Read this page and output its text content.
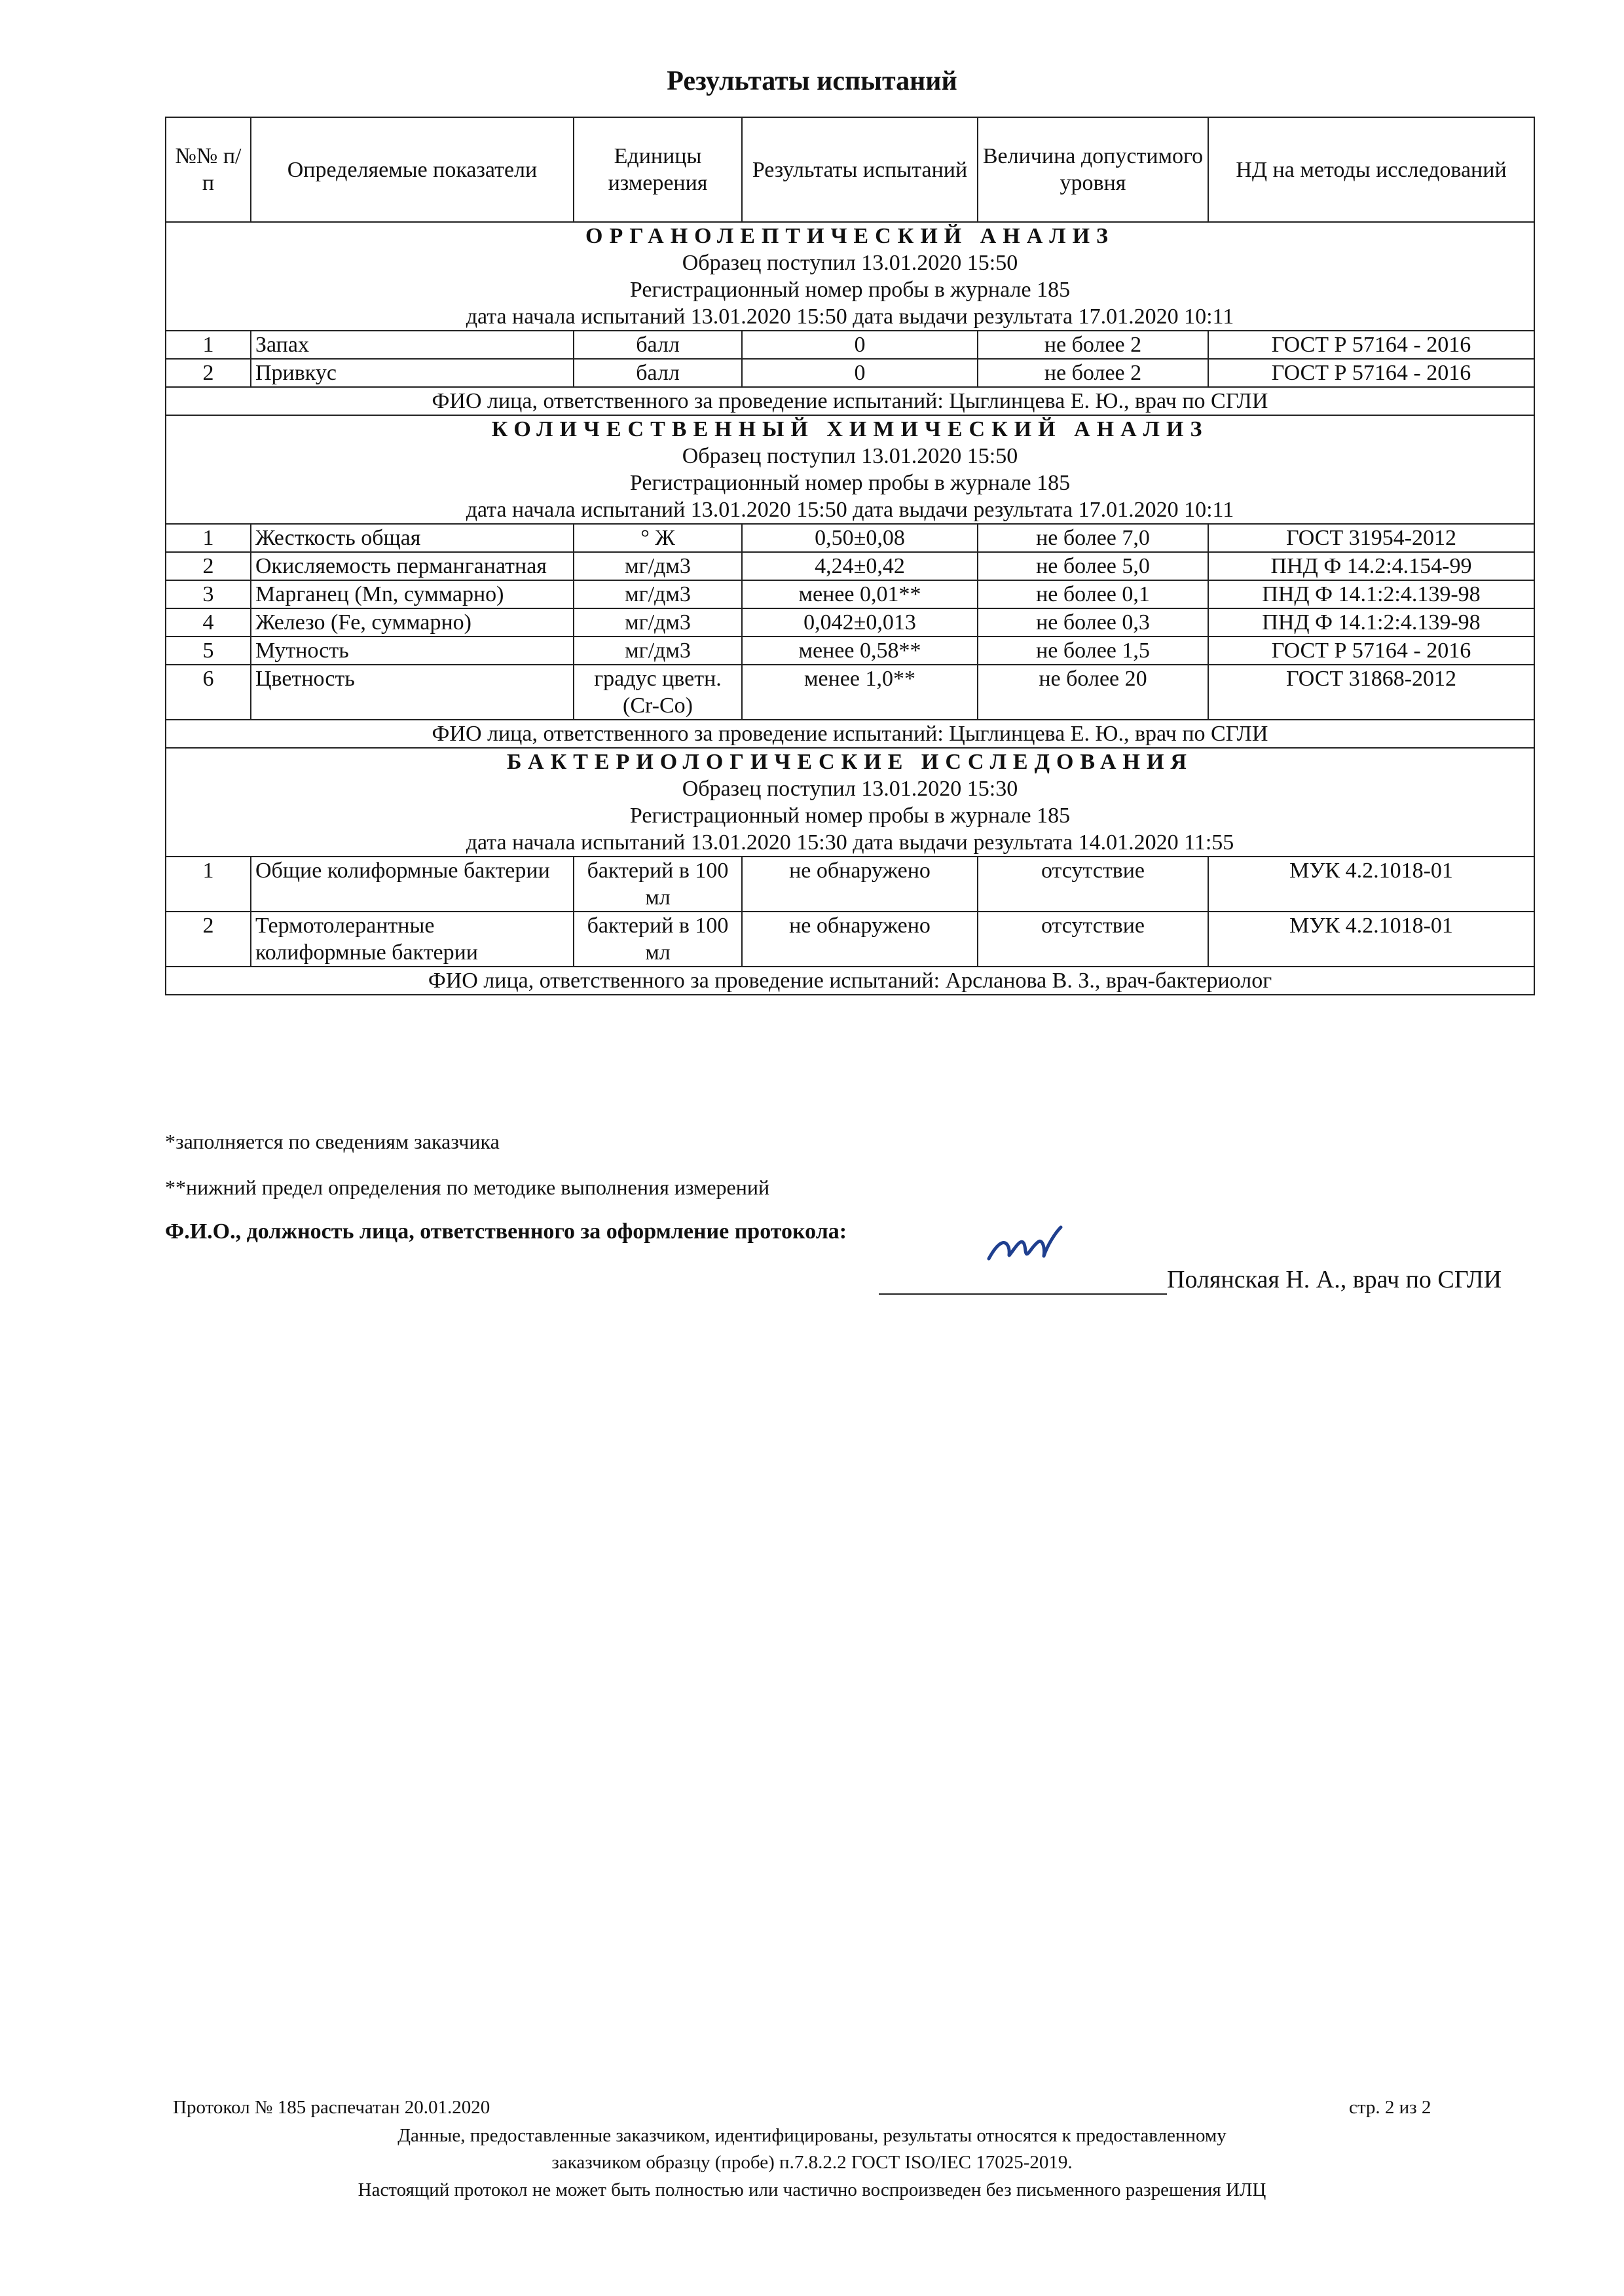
Результаты испытаний
№№ п/п	Определяемые показатели	Единицы измерения	Результаты испытаний	Величина допустимого уровня	НД на методы исследований

ОРГАНОЛЕПТИЧЕСКИЙ АНАЛИЗ
Образец поступил 13.01.2020 15:50
Регистрационный номер пробы в журнале 185
дата начала испытаний 13.01.2020 15:50 дата выдачи результата 17.01.2020 10:11					

1	Запах	балл	0	не более 2	ГОСТ Р 57164 - 2016
2	Привкус	балл	0	не более 2	ГОСТ Р 57164 - 2016
ФИО лица, ответственного за проведение испытаний: Цыглинцева Е. Ю., врач по СГЛИ					

КОЛИЧЕСТВЕННЫЙ ХИМИЧЕСКИЙ АНАЛИЗ
Образец поступил 13.01.2020 15:50
Регистрационный номер пробы в журнале 185
дата начала испытаний 13.01.2020 15:50 дата выдачи результата 17.01.2020 10:11					

1	Жесткость общая	° Ж	0,50±0,08	не более 7,0	ГОСТ 31954-2012
2	Окисляемость перманганатная	мг/дм3	4,24±0,42	не более 5,0	ПНД Ф 14.2:4.154-99
3	Марганец (Mn, суммарно)	мг/дм3	менее 0,01**	не более 0,1	ПНД Ф 14.1:2:4.139-98
4	Железо (Fe, суммарно)	мг/дм3	0,042±0,013	не более 0,3	ПНД Ф 14.1:2:4.139-98
5	Мутность	мг/дм3	менее 0,58**	не более 1,5	ГОСТ Р 57164 - 2016
6	Цветность	градус цветн.(Cr-Co)	менее 1,0**	не более 20	ГОСТ 31868-2012
ФИО лица, ответственного за проведение испытаний: Цыглинцева Е. Ю., врач по СГЛИ					

БАКТЕРИОЛОГИЧЕСКИЕ ИССЛЕДОВАНИЯ
Образец поступил 13.01.2020 15:30
Регистрационный номер пробы в журнале 185
дата начала испытаний 13.01.2020 15:30 дата выдачи результата 14.01.2020 11:55					

1	Общие колиформные бактерии	бактерий в 100 мл	не обнаружено	отсутствие	МУК 4.2.1018-01
2	Термотолерантные колиформные бактерии	бактерий в 100 мл	не обнаружено	отсутствие	МУК 4.2.1018-01
ФИО лица, ответственного за проведение испытаний: Арсланова В. З., врач-бактериолог					
*заполняется по сведениям заказчика
**нижний предел определения по методике выполнения измерений
Ф.И.О., должность лица, ответственного за оформление протокола:
Полянская Н. А., врач по СГЛИ
Протокол № 185 распечатан 20.01.2020	стр. 2 из 2
Данные, предоставленные заказчиком, идентифицированы, результаты относятся к предоставленному
заказчиком образцу (пробе) п.7.8.2.2 ГОСТ ISO/IEC 17025-2019.
Настоящий протокол не может быть полностью или частично воспроизведен без письменного разрешения ИЛЦ
